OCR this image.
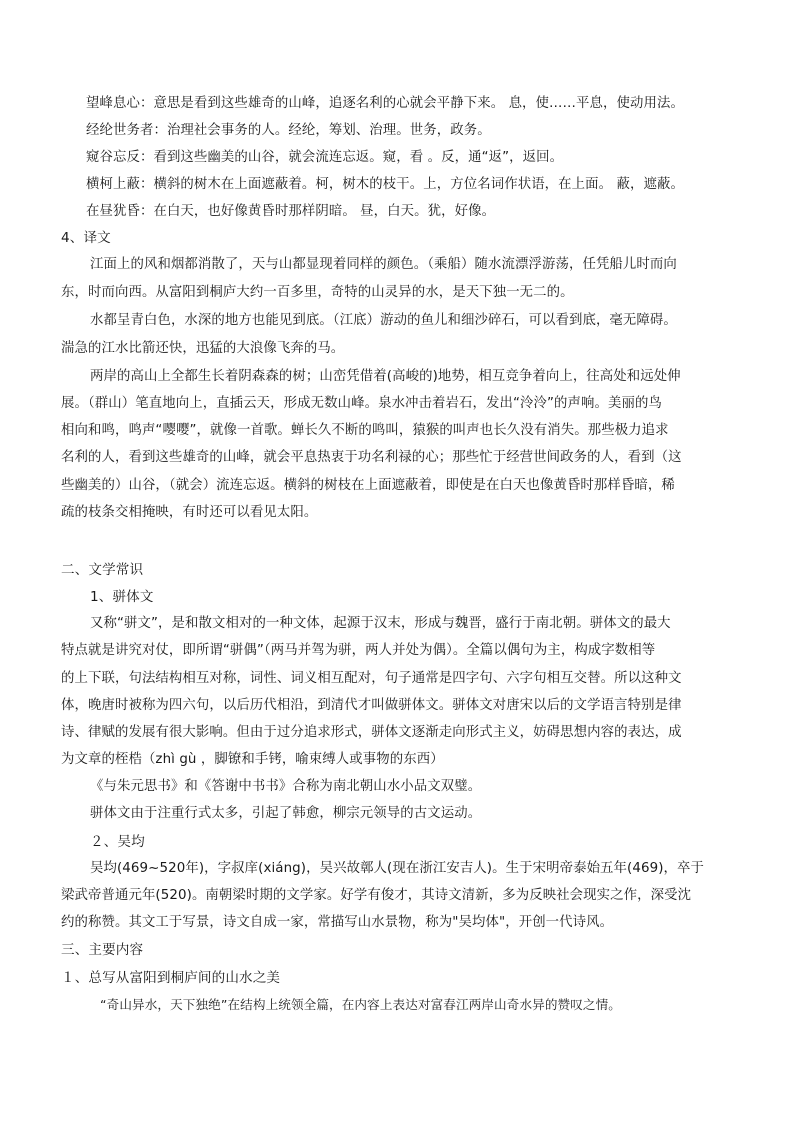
望峰息心：意思是看到这些雄奇的山峰，追逐名利的心就会平静下来。 息，使……平息，使动用法。
经纶世务者：治理社会事务的人。经纶，筹划、治理。世务，政务。
窥谷忘反：看到这些幽美的山谷，就会流连忘返。窥，看 。反，通“返”，返回。
横柯上蔽：横斜的树木在上面遮蔽着。柯，树木的枝干。上，方位名词作状语，在上面。 蔽，遮蔽。
在昼犹昏：在白天，也好像黄昏时那样阴暗。 昼，白天。犹，好像。
4、译文
江面上的风和烟都消散了，天与山都显现着同样的颜色。（乘船）随水流漂浮游荡，任凭船儿时而向
东，时而向西。从富阳到桐庐大约一百多里，奇特的山灵异的水，是天下独一无二的。
水都呈青白色，水深的地方也能见到底。（江底）游动的鱼儿和细沙碎石，可以看到底，毫无障碍。
湍急的江水比箭还快，迅猛的大浪像飞奔的马。
两岸的高山上全都生长着阴森森的树；山峦凭借着(高峻的)地势，相互竞争着向上，往高处和远处伸
展。（群山）笔直地向上，直插云天，形成无数山峰。泉水冲击着岩石，发出“泠泠”的声响。美丽的鸟
相向和鸣，鸣声“嘤嘤”，就像一首歌。蝉长久不断的鸣叫，猿猴的叫声也长久没有消失。那些极力追求
名利的人，看到这些雄奇的山峰，就会平息热衷于功名利禄的心；那些忙于经营世间政务的人，看到（这
些幽美的）山谷，（就会）流连忘返。横斜的树枝在上面遮蔽着，即使是在白天也像黄昏时那样昏暗，稀
疏的枝条交相掩映，有时还可以看见太阳。
二、文学常识
1、骈体文
又称“骈文”，是和散文相对的一种文体，起源于汉末，形成与魏晋，盛行于南北朝。骈体文的最大
特点就是讲究对仗，即所谓“骈偶”（两马并驾为骈，两人并处为偶）。全篇以偶句为主，构成字数相等
的上下联，句法结构相互对称，词性、词义相互配对，句子通常是四字句、六字句相互交替。所以这种文
体，晚唐时被称为四六句，以后历代相沿，到清代才叫做骈体文。骈体文对唐宋以后的文学语言特别是律
诗、律赋的发展有很大影响。但由于过分追求形式，骈体文逐渐走向形式主义，妨碍思想内容的表达，成
为文章的桎梏（zhì gù ，脚镣和手铐，喻束缚人或事物的东西）
《与朱元思书》和《答谢中书书》合称为南北朝山水小品文双璧。
骈体文由于注重行式太多，引起了韩愈，柳宗元领导的古文运动。
２、吴均
吴均(469~520年)，字叔庠(xiáng)，吴兴故鄣人(现在浙江安吉人)。生于宋明帝泰始五年(469)，卒于
梁武帝普通元年(520)。南朝梁时期的文学家。好学有俊才，其诗文清新，多为反映社会现实之作，深受沈
约的称赞。其文工于写景，诗文自成一家，常描写山水景物，称为"吴均体"，开创一代诗风。
三、主要内容
１、总写从富阳到桐庐间的山水之美
“奇山异水，天下独绝”在结构上统领全篇，在内容上表达对富春江两岸山奇水异的赞叹之情。
